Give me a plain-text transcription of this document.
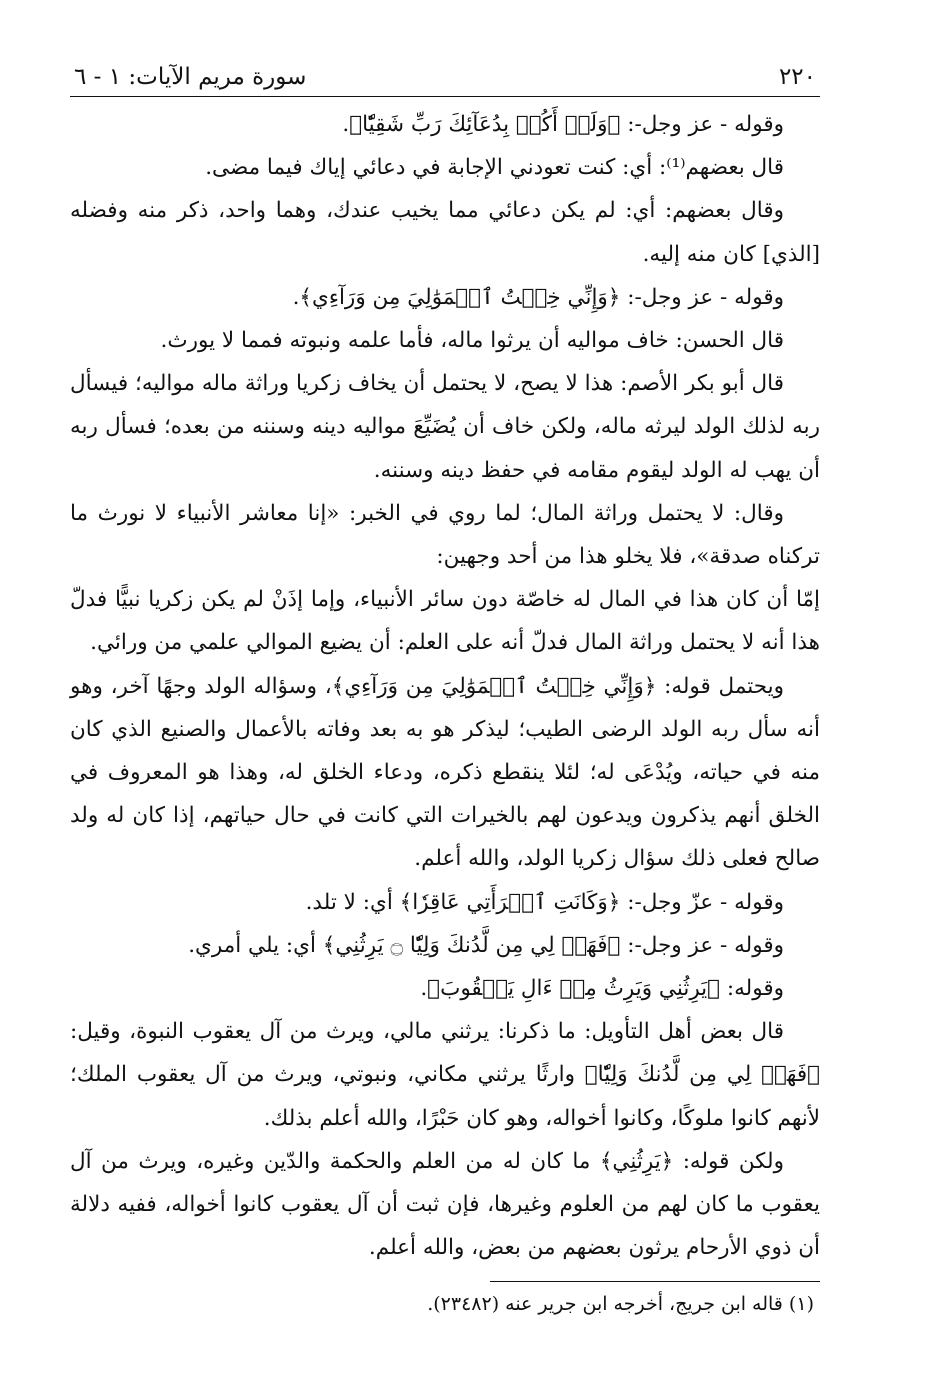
٢٢٠
سورة مريم الآيات: ١ - ٦

وقوله - عز وجل-: ﴿وَلَمۡ أَكُنۢ بِدُعَآئِكَ رَبِّ شَقِيّٗا﴾.

قال بعضهم⁽¹⁾: أي: كنت تعودني الإجابة في دعائي إياك فيما مضى.

وقال بعضهم: أي: لم يكن دعائي مما يخيب عندك، وهما واحد، ذكر منه وفضله [الذي] كان منه إليه.

وقوله - عز وجل-: ﴿وَإِنِّي خِفۡتُ ٱلۡمَوَٰلِيَ مِن وَرَآءِي﴾.

قال الحسن: خاف مواليه أن يرثوا ماله، فأما علمه ونبوته فمما لا يورث.

قال أبو بكر الأصم: هذا لا يصح، لا يحتمل أن يخاف زكريا وراثة ماله مواليه؛ فيسأل ربه لذلك الولد ليرثه ماله، ولكن خاف أن يُضَيِّعَ مواليه دينه وسننه من بعده؛ فسأل ربه أن يهب له الولد ليقوم مقامه في حفظ دينه وسننه.

وقال: لا يحتمل وراثة المال؛ لما روي في الخبر: «إنا معاشر الأنبياء لا نورث ما تركناه صدقة»، فلا يخلو هذا من أحد وجهين:

إمّا أن كان هذا في المال له خاصّة دون سائر الأنبياء، وإما إذَنْ لم يكن زكريا نبيًّا فدلّ هذا أنه لا يحتمل وراثة المال فدلّ أنه على العلم: أن يضيع الموالي علمي من ورائي.

ويحتمل قوله: ﴿وَإِنِّي خِفۡتُ ٱلۡمَوَٰلِيَ مِن وَرَآءِي﴾، وسؤاله الولد وجهًا آخر، وهو أنه سأل ربه الولد الرضى الطيب؛ ليذكر هو به بعد وفاته بالأعمال والصنيع الذي كان منه في حياته، ويُدْعَى له؛ لئلا ينقطع ذكره، ودعاء الخلق له، وهذا هو المعروف في الخلق أنهم يذكرون ويدعون لهم بالخيرات التي كانت في حال حياتهم، إذا كان له ولد صالح فعلى ذلك سؤال زكريا الولد، والله أعلم.

وقوله - عزّ وجل-: ﴿وَكَانَتِ ٱمۡرَأَتِي عَاقِرٗا﴾ أي: لا تلد.

وقوله - عز وجل-: ﴿فَهَبۡ لِي مِن لَّدُنكَ وَلِيّٗا ۝ يَرِثُنِي﴾ أي: يلي أمري.

وقوله: ﴿يَرِثُنِي وَيَرِثُ مِنۡ ءَالِ يَعۡقُوبَ﴾.

قال بعض أهل التأويل: ما ذكرنا: يرثني مالي، ويرث من آل يعقوب النبوة، وقيل: ﴿فَهَبۡ لِي مِن لَّدُنكَ وَلِيّٗا﴾ وارثًا يرثني مكاني، ونبوتي، ويرث من آل يعقوب الملك؛ لأنهم كانوا ملوكًا، وكانوا أخواله، وهو كان حَبْرًا، والله أعلم بذلك.

ولكن قوله: ﴿يَرِثُنِي﴾ ما كان له من العلم والحكمة والدّين وغيره، ويرث من آل يعقوب ما كان لهم من العلوم وغيرها، فإن ثبت أن آل يعقوب كانوا أخواله، ففيه دلالة أن ذوي الأرحام يرثون بعضهم من بعض، والله أعلم.

(١) قاله ابن جريج، أخرجه ابن جرير عنه (٢٣٤٨٢).
